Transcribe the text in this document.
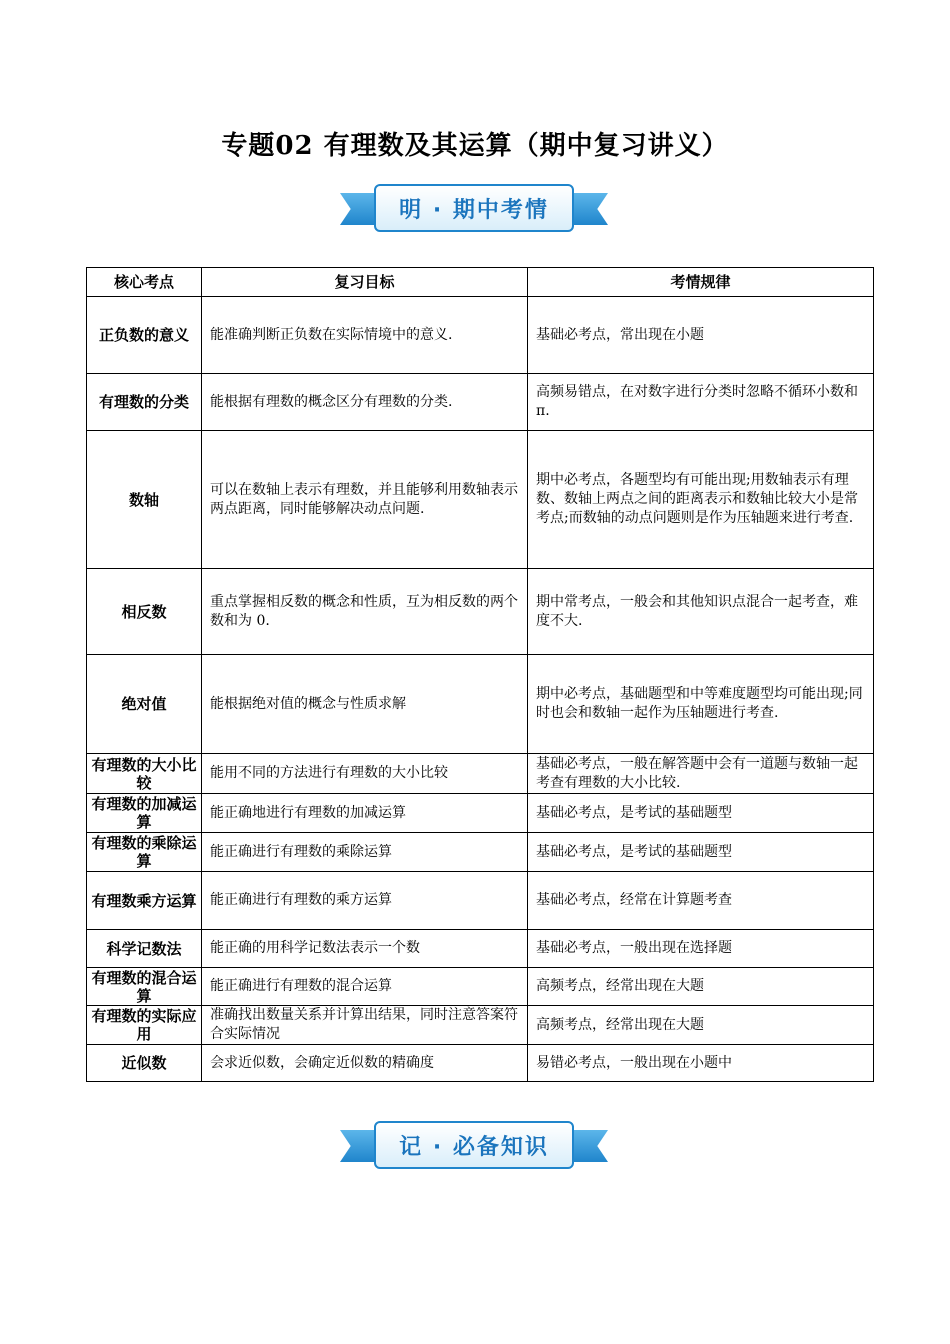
专题02 有理数及其运算（期中复习讲义）
明 · 期中考情
核心考点	复习目标	考情规律
正负数的意义	能准确判断正负数在实际情境中的意义.	基础必考点，常出现在小题
有理数的分类	能根据有理数的概念区分有理数的分类.	高频易错点，在对数字进行分类时忽略不循环小数和π.
数轴	可以在数轴上表示有理数，并且能够利用数轴表示两点距离，同时能够解决动点问题.	期中必考点，各题型均有可能出现;用数轴表示有理数、数轴上两点之间的距离表示和数轴比较大小是常考点;而数轴的动点问题则是作为压轴题来进行考查.
相反数	重点掌握相反数的概念和性质，互为相反数的两个数和为 0.	期中常考点，一般会和其他知识点混合一起考查，难度不大.
绝对值	能根据绝对值的概念与性质求解	期中必考点，基础题型和中等难度题型均可能出现;同时也会和数轴一起作为压轴题进行考查.
有理数的大小比较	能用不同的方法进行有理数的大小比较	基础必考点，一般在解答题中会有一道题与数轴一起考查有理数的大小比较.
有理数的加减运算	能正确地进行有理数的加减运算	基础必考点，是考试的基础题型
有理数的乘除运算	能正确进行有理数的乘除运算	基础必考点，是考试的基础题型
有理数乘方运算	能正确进行有理数的乘方运算	基础必考点，经常在计算题考查
科学记数法	能正确的用科学记数法表示一个数	基础必考点，一般出现在选择题
有理数的混合运算	能正确进行有理数的混合运算	高频考点，经常出现在大题
有理数的实际应用	准确找出数量关系并计算出结果，同时注意答案符合实际情况	高频考点，经常出现在大题
近似数	会求近似数，会确定近似数的精确度	易错必考点，一般出现在小题中
记 · 必备知识
